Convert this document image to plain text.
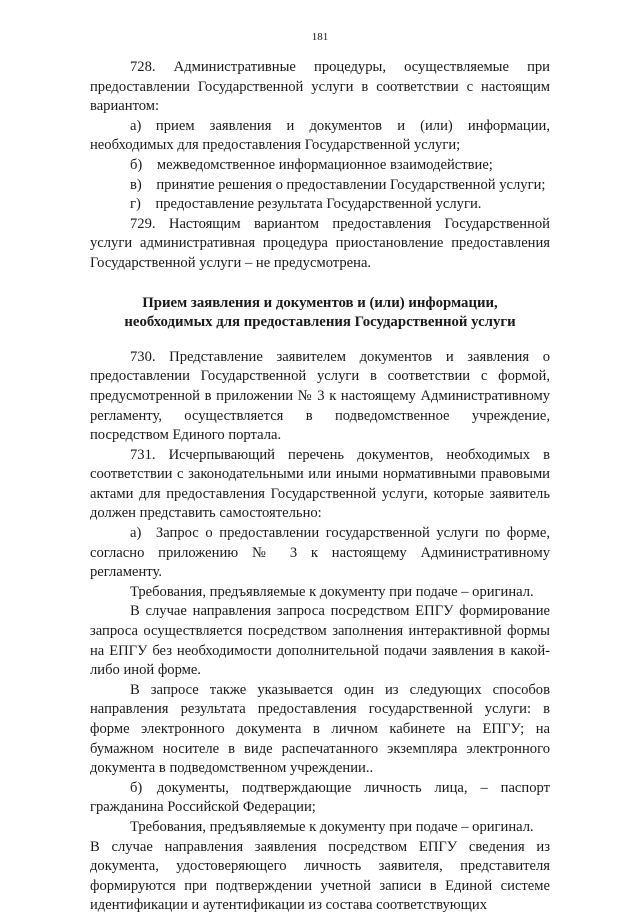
181

728. Административные процедуры, осуществляемые при предоставлении Государственной услуги в соответствии с настоящим вариантом:

а) прием заявления и документов и (или) информации, необходимых для предоставления Государственной услуги;

б) межведомственное информационное взаимодействие;

в) принятие решения о предоставлении Государственной услуги;

г) предоставление результата Государственной услуги.

729. Настоящим вариантом предоставления Государственной услуги административная процедура приостановление предоставления Государственной услуги – не предусмотрена.

Прием заявления и документов и (или) информации,
необходимых для предоставления Государственной услуги

730. Представление заявителем документов и заявления о предоставлении Государственной услуги в соответствии с формой, предусмотренной в приложении № 3 к настоящему Административному регламенту, осуществляется в подведомственное учреждение, посредством Единого портала.

731. Исчерпывающий перечень документов, необходимых в соответствии с законодательными или иными нормативными правовыми актами для предоставления Государственной услуги, которые заявитель должен представить самостоятельно:

а) Запрос о предоставлении государственной услуги по форме, согласно приложению № 3 к настоящему Административному регламенту.

Требования, предъявляемые к документу при подаче – оригинал.

В случае направления запроса посредством ЕПГУ формирование запроса осуществляется посредством заполнения интерактивной формы на ЕПГУ без необходимости дополнительной подачи заявления в какой-либо иной форме.

В запросе также указывается один из следующих способов направления результата предоставления государственной услуги: в форме электронного документа в личном кабинете на ЕПГУ; на бумажном носителе в виде распечатанного экземпляра электронного документа в подведомственном учреждении..

б) документы, подтверждающие личность лица, – паспорт гражданина Российской Федерации;

Требования, предъявляемые к документу при подаче – оригинал.

В случае направления заявления посредством ЕПГУ сведения из документа, удостоверяющего личность заявителя, представителя формируются при подтверждении учетной записи в Единой системе идентификации и аутентификации из состава соответствующих
